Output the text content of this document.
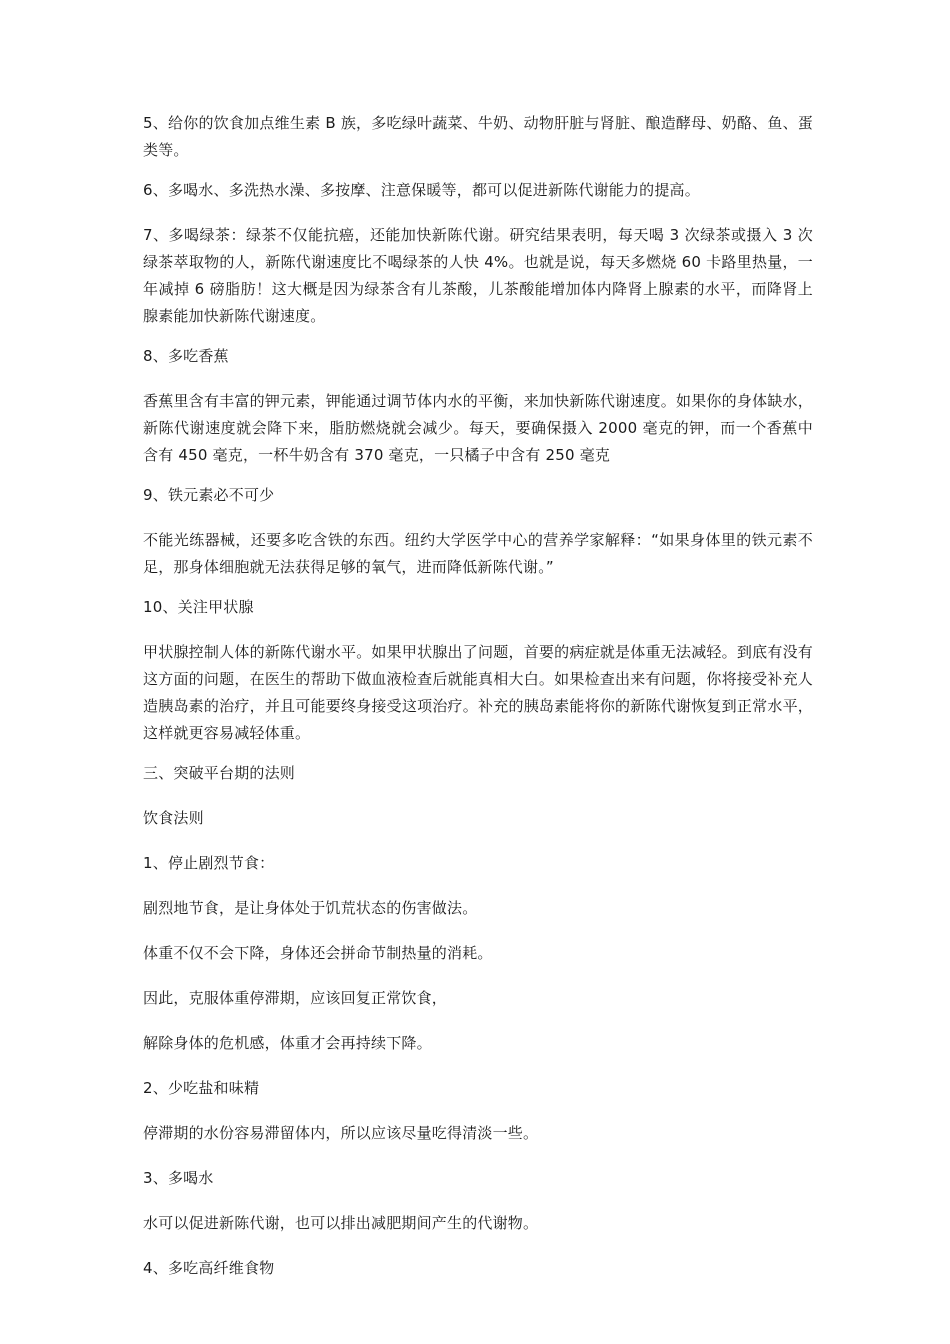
5、给你的饮食加点维生素 B 族，多吃绿叶蔬菜、牛奶、动物肝脏与肾脏、酿造酵母、奶酪、鱼、蛋类等。

6、多喝水、多洗热水澡、多按摩、注意保暖等，都可以促进新陈代谢能力的提高。

7、多喝绿茶：绿茶不仅能抗癌，还能加快新陈代谢。研究结果表明，每天喝 3 次绿茶或摄入 3 次绿茶萃取物的人，新陈代谢速度比不喝绿茶的人快 4%。也就是说，每天多燃烧 60 卡路里热量，一年减掉 6 磅脂肪！这大概是因为绿茶含有儿茶酸，儿茶酸能增加体内降肾上腺素的水平，而降肾上腺素能加快新陈代谢速度。

8、多吃香蕉

香蕉里含有丰富的钾元素，钾能通过调节体内水的平衡，来加快新陈代谢速度。如果你的身体缺水，新陈代谢速度就会降下来，脂肪燃烧就会减少。每天，要确保摄入 2000 毫克的钾，而一个香蕉中含有 450 毫克，一杯牛奶含有 370 毫克，一只橘子中含有 250 毫克

9、铁元素必不可少

不能光练器械，还要多吃含铁的东西。纽约大学医学中心的营养学家解释：“如果身体里的铁元素不足，那身体细胞就无法获得足够的氧气，进而降低新陈代谢。”

10、关注甲状腺

甲状腺控制人体的新陈代谢水平。如果甲状腺出了问题，首要的病症就是体重无法减轻。到底有没有这方面的问题，在医生的帮助下做血液检查后就能真相大白。如果检查出来有问题，你将接受补充人造胰岛素的治疗，并且可能要终身接受这项治疗。补充的胰岛素能将你的新陈代谢恢复到正常水平，这样就更容易减轻体重。

三、突破平台期的法则

饮食法则

1、停止剧烈节食：

剧烈地节食，是让身体处于饥荒状态的伤害做法。

体重不仅不会下降，身体还会拼命节制热量的消耗。

因此，克服体重停滞期，应该回复正常饮食，

解除身体的危机感，体重才会再持续下降。

2、少吃盐和味精

停滞期的水份容易滞留体内，所以应该尽量吃得清淡一些。

3、多喝水

水可以促进新陈代谢，也可以排出减肥期间产生的代谢物。

4、多吃高纤维食物
